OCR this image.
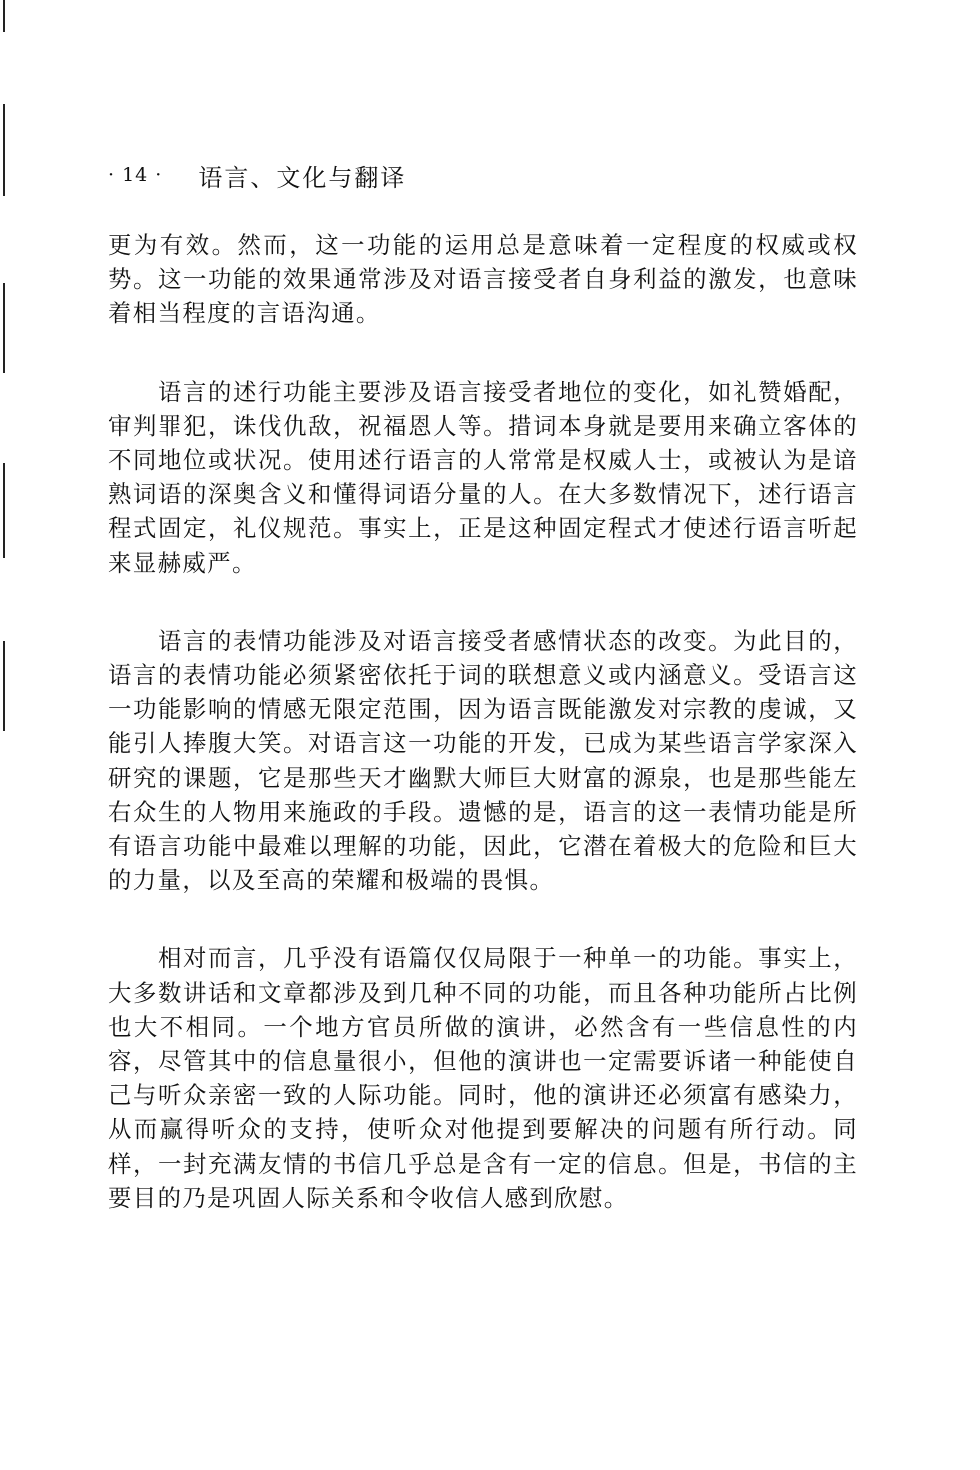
· 14 · 语言、文化与翻译

更为有效。然而，这一功能的运用总是意味着一定程度的权威或权势。这一功能的效果通常涉及对语言接受者自身利益的激发，也意味着相当程度的言语沟通。

语言的述行功能主要涉及语言接受者地位的变化，如礼赞婚配，审判罪犯，诛伐仇敌，祝福恩人等。措词本身就是要用来确立客体的不同地位或状况。使用述行语言的人常常是权威人士，或被认为是谙熟词语的深奥含义和懂得词语分量的人。在大多数情况下，述行语言程式固定，礼仪规范。事实上，正是这种固定程式才使述行语言听起来显赫威严。

语言的表情功能涉及对语言接受者感情状态的改变。为此目的，语言的表情功能必须紧密依托于词的联想意义或内涵意义。受语言这一功能影响的情感无限定范围，因为语言既能激发对宗教的虔诚，又能引人捧腹大笑。对语言这一功能的开发，已成为某些语言学家深入研究的课题，它是那些天才幽默大师巨大财富的源泉，也是那些能左右众生的人物用来施政的手段。遗憾的是，语言的这一表情功能是所有语言功能中最难以理解的功能，因此，它潜在着极大的危险和巨大的力量，以及至高的荣耀和极端的畏惧。

相对而言，几乎没有语篇仅仅局限于一种单一的功能。事实上，大多数讲话和文章都涉及到几种不同的功能，而且各种功能所占比例也大不相同。一个地方官员所做的演讲，必然含有一些信息性的内容，尽管其中的信息量很小，但他的演讲也一定需要诉诸一种能使自己与听众亲密一致的人际功能。同时，他的演讲还必须富有感染力，从而赢得听众的支持，使听众对他提到要解决的问题有所行动。同样，一封充满友情的书信几乎总是含有一定的信息。但是，书信的主要目的乃是巩固人际关系和令收信人感到欣慰。
